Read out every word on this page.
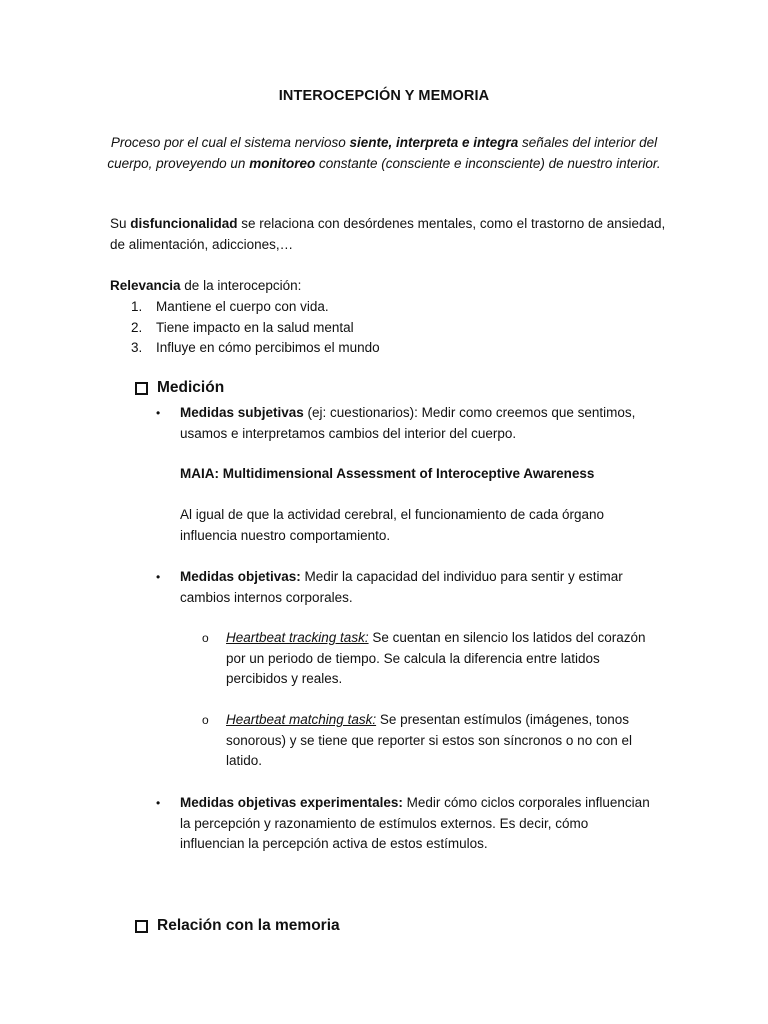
INTEROCEPCIÓN Y MEMORIA
Proceso por el cual el sistema nervioso siente, interpreta e integra señales del interior del cuerpo, proveyendo un monitoreo constante (consciente e inconsciente) de nuestro interior.
Su disfuncionalidad se relaciona con desórdenes mentales, como el trastorno de ansiedad, de alimentación, adicciones,…
Relevancia de la interocepción:
1.	Mantiene el cuerpo con vida.
2.	Tiene impacto en la salud mental
3.	Influye en cómo percibimos el mundo
Medición
•	Medidas subjetivas (ej: cuestionarios): Medir como creemos que sentimos, usamos e interpretamos cambios del interior del cuerpo.
MAIA: Multidimensional Assessment of Interoceptive Awareness
Al igual de que la actividad cerebral, el funcionamiento de cada órgano influencia nuestro comportamiento.
•	Medidas objetivas: Medir la capacidad del individuo para sentir y estimar cambios internos corporales.
o	Heartbeat tracking task: Se cuentan en silencio los latidos del corazón por un periodo de tiempo. Se calcula la diferencia entre latidos percibidos y reales.
o	Heartbeat matching task: Se presentan estímulos (imágenes, tonos sonorous) y se tiene que reporter si estos son síncronos o no con el latido.
•	Medidas objetivas experimentales: Medir cómo ciclos corporales influencian la percepción y razonamiento de estímulos externos. Es decir, cómo influencian la percepción activa de estos estímulos.
Relación con la memoria
